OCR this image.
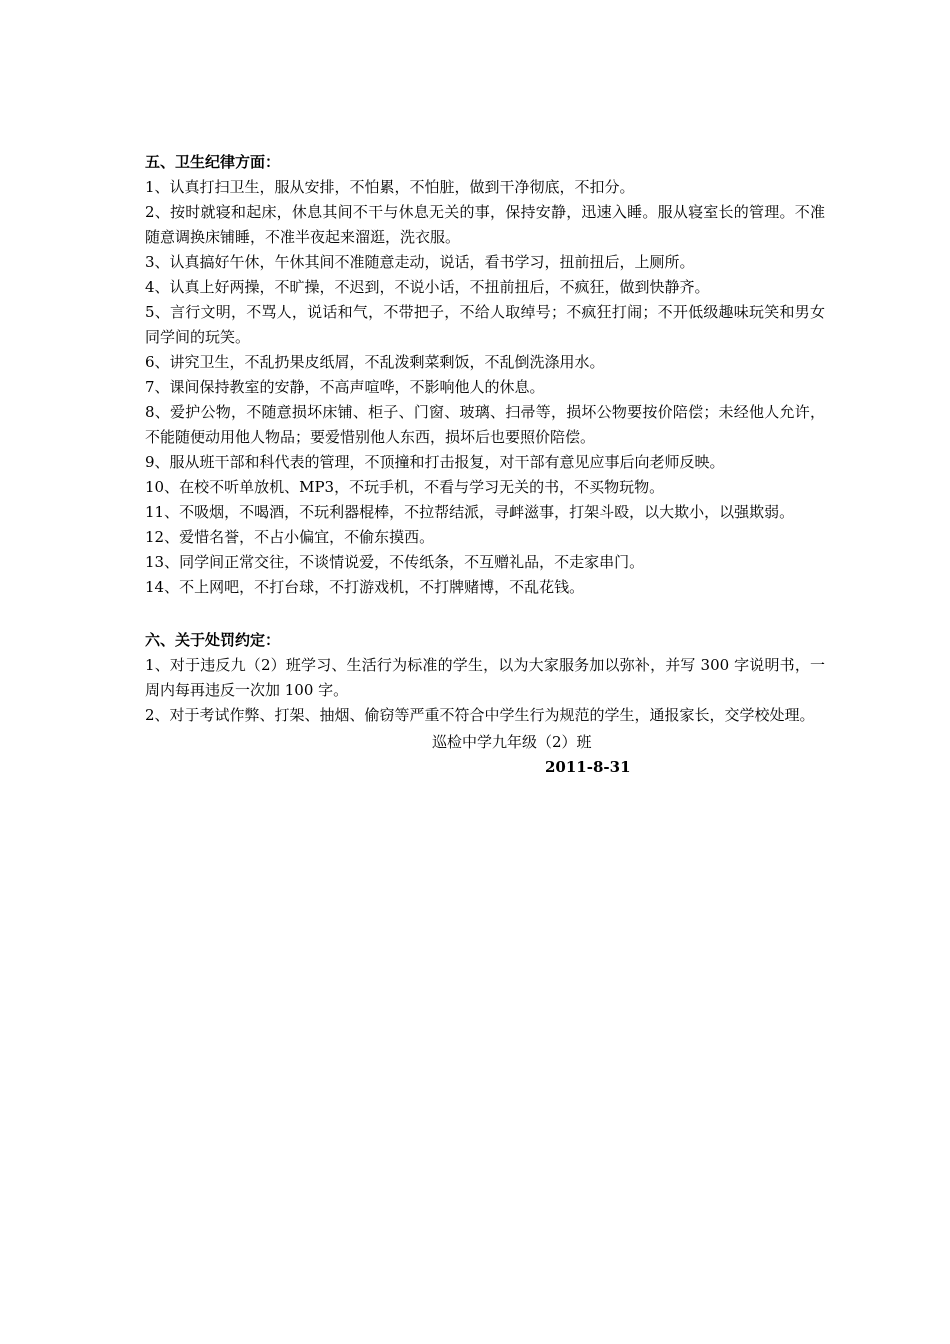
五、卫生纪律方面：
1、认真打扫卫生，服从安排，不怕累，不怕脏，做到干净彻底，不扣分。
2、按时就寝和起床，休息其间不干与休息无关的事，保持安静，迅速入睡。服从寝室长的管理。不准随意调换床铺睡，不准半夜起来溜逛，洗衣服。
3、认真搞好午休，午休其间不准随意走动，说话，看书学习，扭前扭后，上厕所。
4、认真上好两操，不旷操，不迟到，不说小话，不扭前扭后，不疯狂，做到快静齐。
5、言行文明，不骂人，说话和气，不带把子，不给人取绰号；不疯狂打闹；不开低级趣味玩笑和男女同学间的玩笑。
6、讲究卫生，不乱扔果皮纸屑，不乱泼剩菜剩饭，不乱倒洗涤用水。
7、课间保持教室的安静，不高声喧哗，不影响他人的休息。
8、爱护公物，不随意损坏床铺、柜子、门窗、玻璃、扫帚等，损坏公物要按价陪偿；未经他人允许，不能随便动用他人物品；要爱惜别他人东西，损坏后也要照价陪偿。
9、服从班干部和科代表的管理，不顶撞和打击报复，对干部有意见应事后向老师反映。
10、在校不听单放机、MP3，不玩手机，不看与学习无关的书，不买物玩物。
11、不吸烟，不喝酒，不玩利器棍棒，不拉帮结派，寻衅滋事，打架斗殴，以大欺小，以强欺弱。
12、爱惜名誉，不占小偏宜，不偷东摸西。
13、同学间正常交往，不谈情说爱，不传纸条，不互赠礼品，不走家串门。
14、不上网吧，不打台球，不打游戏机，不打牌赌博，不乱花钱。
六、关于处罚约定：
1、对于违反九（2）班学习、生活行为标准的学生，以为大家服务加以弥补，并写 300 字说明书，一周内每再违反一次加 100 字。
2、对于考试作弊、打架、抽烟、偷窃等严重不符合中学生行为规范的学生，通报家长，交学校处理。
巡检中学九年级（2）班
2011-8-31
